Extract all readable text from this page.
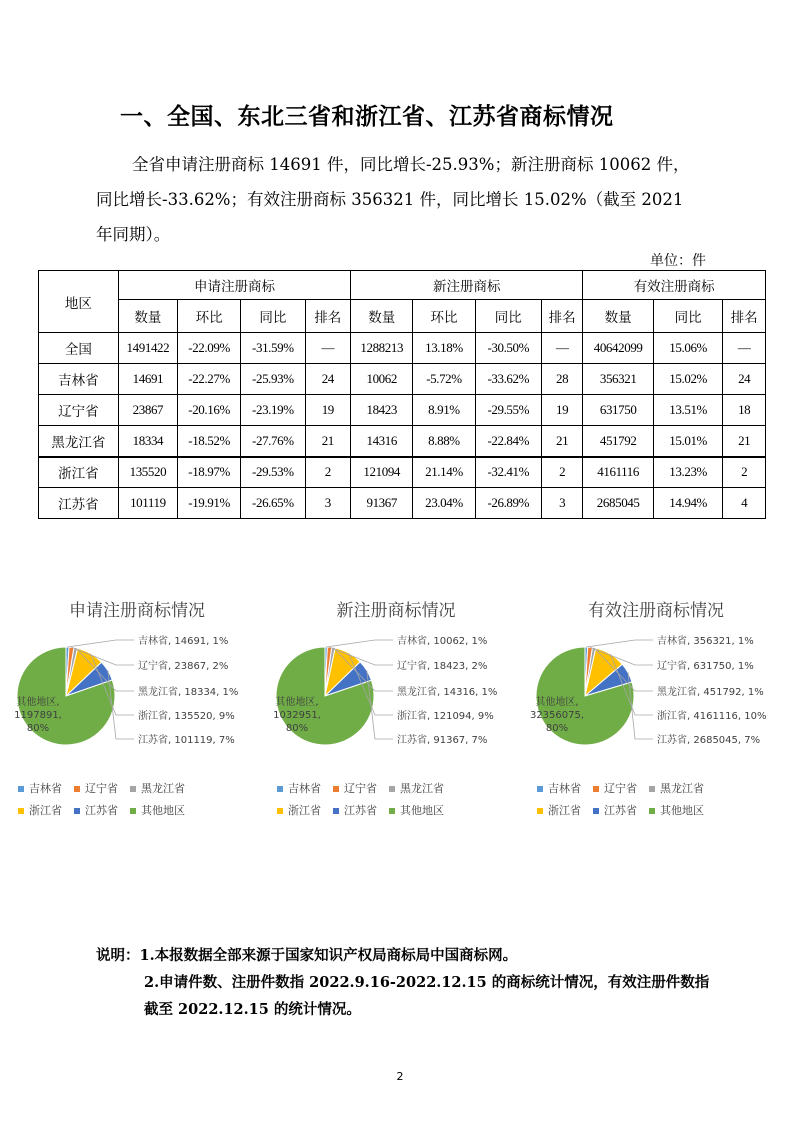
一、全国、东北三省和浙江省、江苏省商标情况
全省申请注册商标 14691 件，同比增长-25.93%；新注册商标 10062 件，
同比增长-33.62%；有效注册商标 356321 件，同比增长 15.02%（截至 2021
年同期）。
单位：件
地区	申请注册商标				新注册商标				有效注册商标		
	数量	环比	同比	排名	数量	环比	同比	排名	数量	同比	排名
全国	1491422	-22.09%	-31.59%	—	1288213	13.18%	-30.50%	—	40642099	15.06%	—
吉林省	14691	-22.27%	-25.93%	24	10062	-5.72%	-33.62%	28	356321	15.02%	24
辽宁省	23867	-20.16%	-23.19%	19	18423	8.91%	-29.55%	19	631750	13.51%	18
黑龙江省	18334	-18.52%	-27.76%	21	14316	8.88%	-22.84%	21	451792	15.01%	21
浙江省	135520	-18.97%	-29.53%	2	121094	21.14%	-32.41%	2	4161116	13.23%	2
江苏省	101119	-19.91%	-26.65%	3	91367	23.04%	-26.89%	3	2685045	14.94%	4
吉林省, 14691, 1%
辽宁省, 23867, 2%
黑龙江省, 18334, 1%
浙江省, 135520, 9%
江苏省, 101119, 7%
其他地区,
1197891,
80%
申请注册商标情况
吉林省 辽宁省 黑龙江省
浙江省 江苏省 其他地区
吉林省, 10062, 1%
辽宁省, 18423, 2%
黑龙江省, 14316, 1%
浙江省, 121094, 9%
江苏省, 91367, 7%
其他地区,
1032951,
80%
新注册商标情况
吉林省 辽宁省 黑龙江省
浙江省 江苏省 其他地区
吉林省, 356321, 1%
辽宁省, 631750, 1%
黑龙江省, 451792, 1%
浙江省, 4161116, 10%
江苏省, 2685045, 7%
其他地区,
32356075,
80%
有效注册商标情况
吉林省 辽宁省 黑龙江省
浙江省 江苏省 其他地区
说明：1.本报数据全部来源于国家知识产权局商标局中国商标网。
2.申请件数、注册件数指 2022.9.16-2022.12.15 的商标统计情况，有效注册件数指
截至 2022.12.15 的统计情况。
2
